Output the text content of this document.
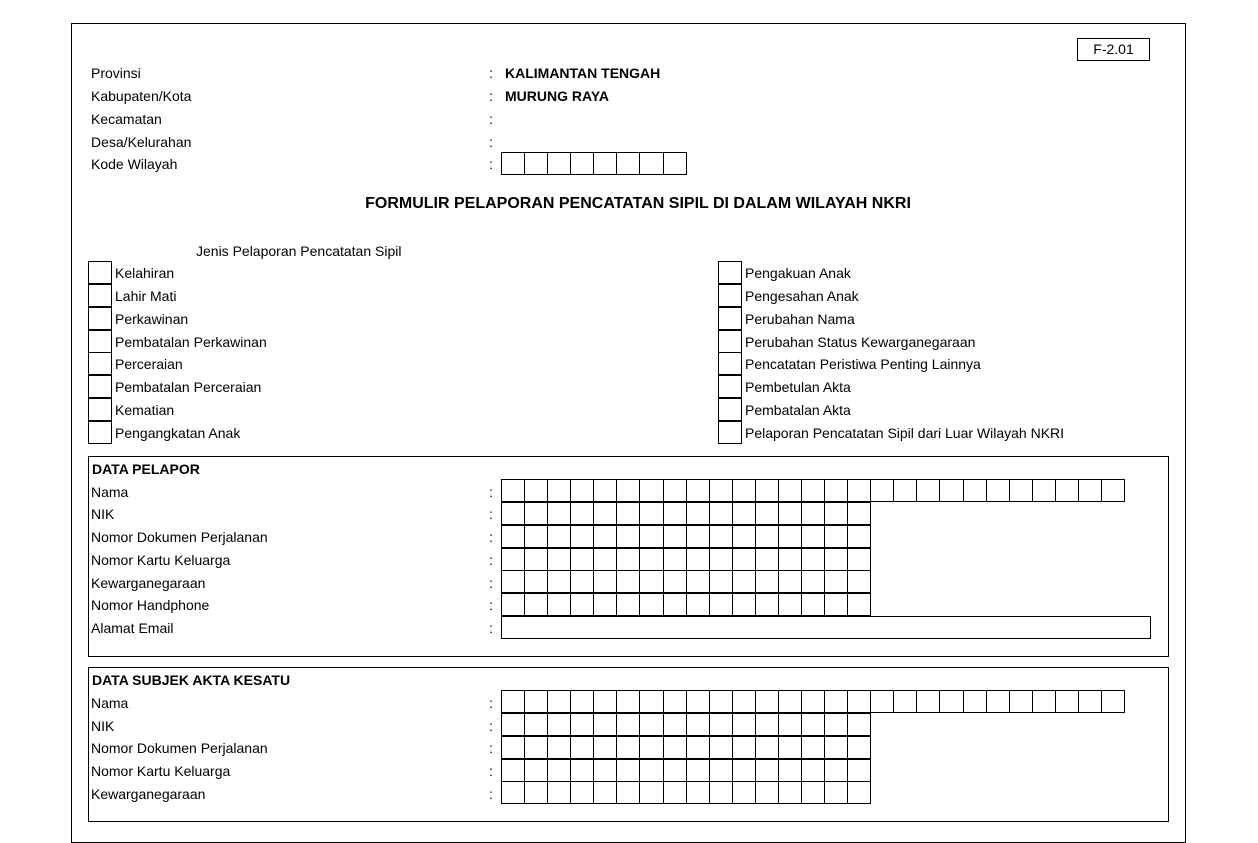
F-2.01
Provinsi	: KALIMANTAN TENGAH
Kabupaten/Kota	: MURUNG RAYA
Kecamatan	:
Desa/Kelurahan	:
Kode Wilayah	:
FORMULIR PELAPORAN PENCATATAN SIPIL DI DALAM WILAYAH NKRI
Jenis Pelaporan Pencatatan Sipil
Kelahiran
Lahir Mati
Perkawinan
Pembatalan Perkawinan
Perceraian
Pembatalan Perceraian
Kematian
Pengangkatan Anak
Pengakuan Anak
Pengesahan Anak
Perubahan Nama
Perubahan Status Kewarganegaraan
Pencatatan Peristiwa Penting Lainnya
Pembetulan Akta
Pembatalan Akta
Pelaporan Pencatatan Sipil dari Luar Wilayah NKRI
DATA PELAPOR
Nama	:
NIK	:
Nomor Dokumen Perjalanan	:
Nomor Kartu Keluarga	:
Kewarganegaraan	:
Nomor Handphone	:
Alamat Email	:
DATA SUBJEK AKTA KESATU
Nama	:
NIK	:
Nomor Dokumen Perjalanan	:
Nomor Kartu Keluarga	:
Kewarganegaraan	:
